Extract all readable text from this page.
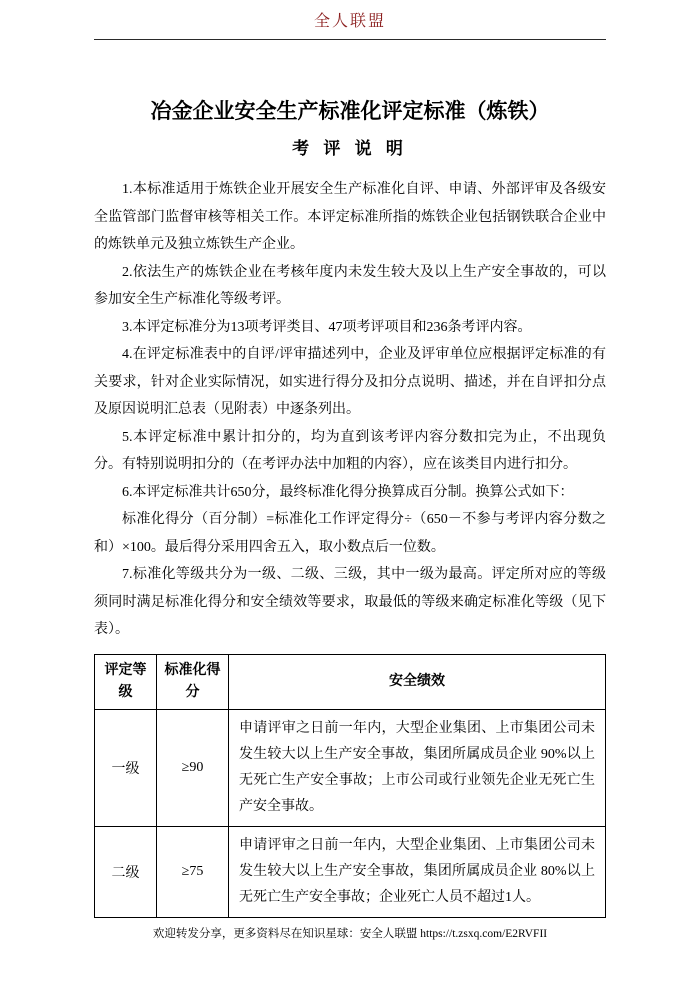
全人联盟
冶金企业安全生产标准化评定标准（炼铁）
考 评 说 明

1.本标准适用于炼铁企业开展安全生产标准化自评、申请、外部评审及各级安全监管部门监督审核等相关工作。本评定标准所指的炼铁企业包括钢铁联合企业中的炼铁单元及独立炼铁生产企业。

2.依法生产的炼铁企业在考核年度内未发生较大及以上生产安全事故的，可以参加安全生产标准化等级考评。

3.本评定标准分为13项考评类目、47项考评项目和236条考评内容。

4.在评定标准表中的自评/评审描述列中，企业及评审单位应根据评定标准的有关要求，针对企业实际情况，如实进行得分及扣分点说明、描述，并在自评扣分点及原因说明汇总表（见附表）中逐条列出。

5.本评定标准中累计扣分的，均为直到该考评内容分数扣完为止，不出现负分。有特别说明扣分的（在考评办法中加粗的内容），应在该类目内进行扣分。

6.本评定标准共计650分，最终标准化得分换算成百分制。换算公式如下：

标准化得分（百分制）=标准化工作评定得分÷（650－不参与考评内容分数之和）×100。最后得分采用四舍五入，取小数点后一位数。

7.标准化等级共分为一级、二级、三级，其中一级为最高。评定所对应的等级须同时满足标准化得分和安全绩效等要求，取最低的等级来确定标准化等级（见下表）。

评定等级	标准化得分	安全绩效
一级	≥90	申请评审之日前一年内，大型企业集团、上市集团公司未发生较大以上生产安全事故，集团所属成员企业 90%以上无死亡生产安全事故；上市公司或行业领先企业无死亡生产安全事故。
二级	≥75	申请评审之日前一年内，大型企业集团、上市集团公司未发生较大以上生产安全事故，集团所属成员企业 80%以上无死亡生产安全事故；企业死亡人员不超过1人。
欢迎转发分享，更多资料尽在知识星球：安全人联盟 https://t.zsxq.com/E2RVFII
